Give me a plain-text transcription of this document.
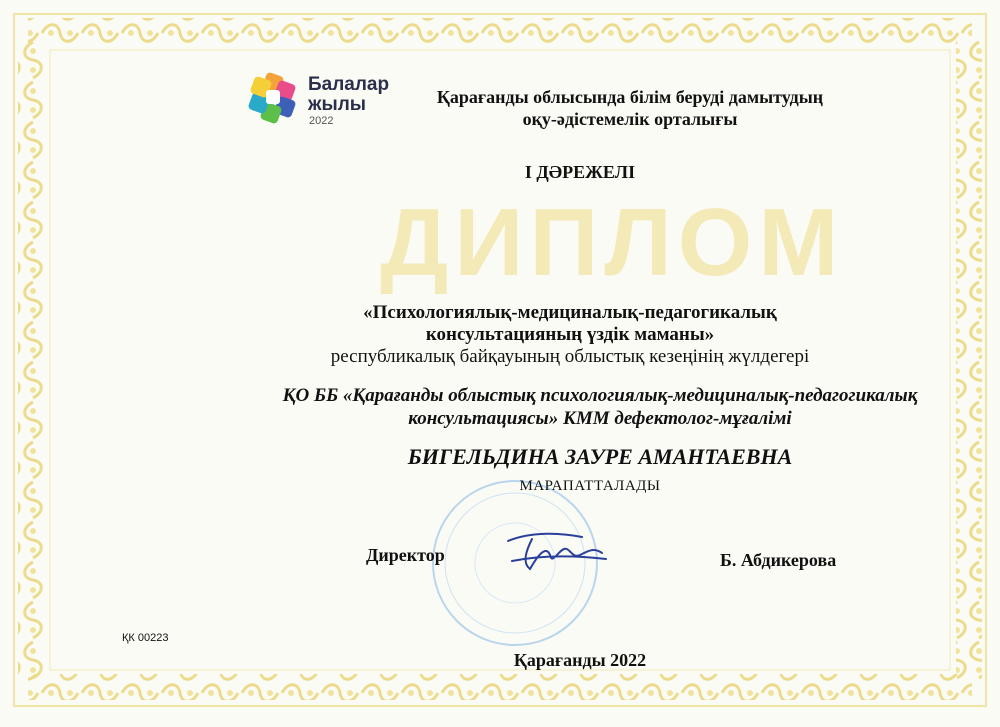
Балалар
жылы
2022
Қарағанды облысында білім беруді дамытудың
оқу-әдістемелік орталығы
І ДӘРЕЖЕЛІ
ДИПЛОМ
«Психологиялық-медициналық-педагогикалық
консультацияның үздік маманы»
республикалық байқауының облыстық кезеңінің жүлдегері
ҚО ББ «Қарағанды облыстық психологиялық-медициналық-педагогикалық
консультациясы» КММ дефектолог-мұғалімі
БИГЕЛЬДИНА ЗАУРЕ АМАНТАЕВНА
МАРАПАТТАЛАДЫ
Директор	Б. Абдикерова
ҚК 00223
Қарағанды 2022
